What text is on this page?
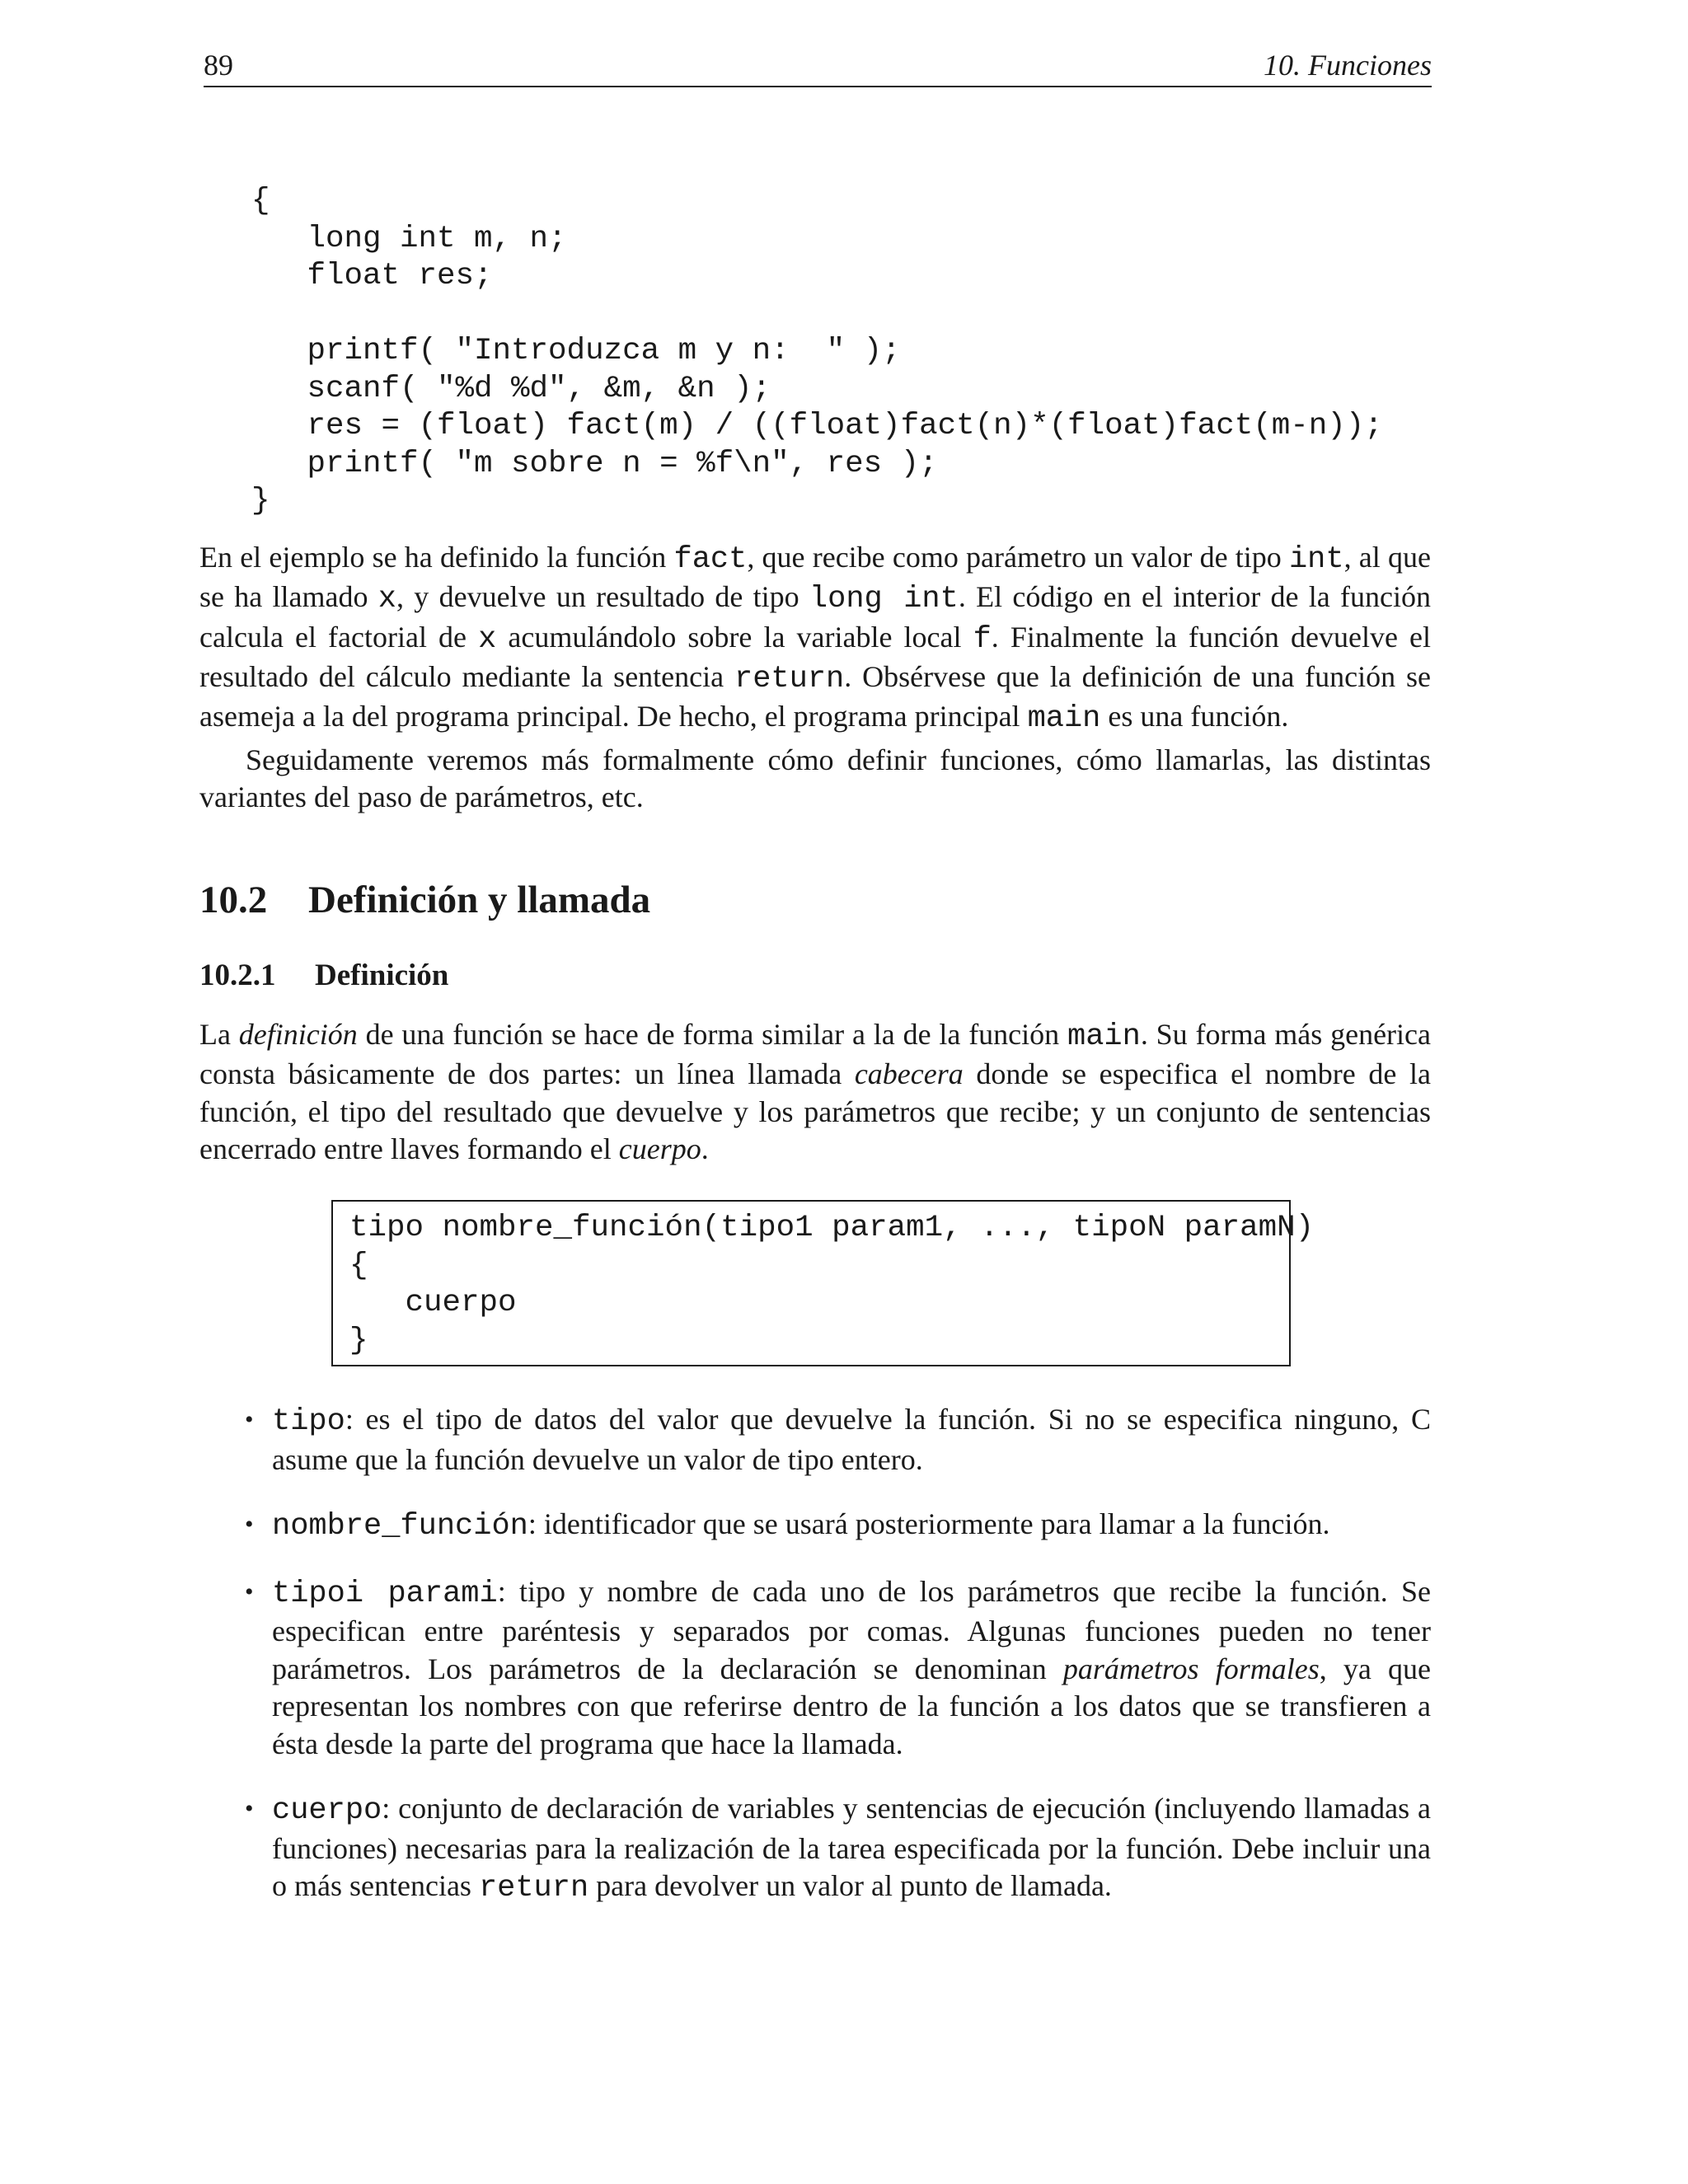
89	10. Funciones
{
long int m, n;
float res;
printf( "Introduzca m y n:  " );
scanf( "%d %d", &m, &n );
res = (float) fact(m) / ((float)fact(n)*(float)fact(m-n));
printf( "m sobre n = %f\n", res );
}

En el ejemplo se ha definido la función fact, que recibe como parámetro un valor de tipo int, al que se ha llamado x, y devuelve un resultado de tipo long int. El código en el interior de la función calcula el factorial de x acumulándolo sobre la variable local f. Finalmente la función devuelve el resultado del cálculo mediante la sentencia return. Obsérvese que la definición de una función se asemeja a la del programa principal. De hecho, el programa principal main es una función.

Seguidamente veremos más formalmente cómo definir funciones, cómo llamarlas, las distintas variantes del paso de parámetros, etc.

10.2 Definición y llamada
10.2.1 Definición

La definición de una función se hace de forma similar a la de la función main. Su forma más genérica consta básicamente de dos partes: un línea llamada cabecera donde se especifica el nombre de la función, el tipo del resultado que devuelve y los parámetros que recibe; y un conjunto de sentencias encerrado entre llaves formando el cuerpo.

tipo nombre_función(tipo1 param1, ..., tipoN paramN)
{
cuerpo
}
• tipo: es el tipo de datos del valor que devuelve la función. Si no se especifica ninguno, C asume que la función devuelve un valor de tipo entero.
• nombre_función: identificador que se usará posteriormente para llamar a la función.
• tipoi parami: tipo y nombre de cada uno de los parámetros que recibe la función. Se especifican entre paréntesis y separados por comas. Algunas funciones pueden no tener parámetros. Los parámetros de la declaración se denominan parámetros formales, ya que representan los nombres con que referirse dentro de la función a los datos que se transfieren a ésta desde la parte del programa que hace la llamada.
• cuerpo: conjunto de declaración de variables y sentencias de ejecución (incluyendo llamadas a funciones) necesarias para la realización de la tarea especificada por la función. Debe incluir una o más sentencias return para devolver un valor al punto de llamada.
